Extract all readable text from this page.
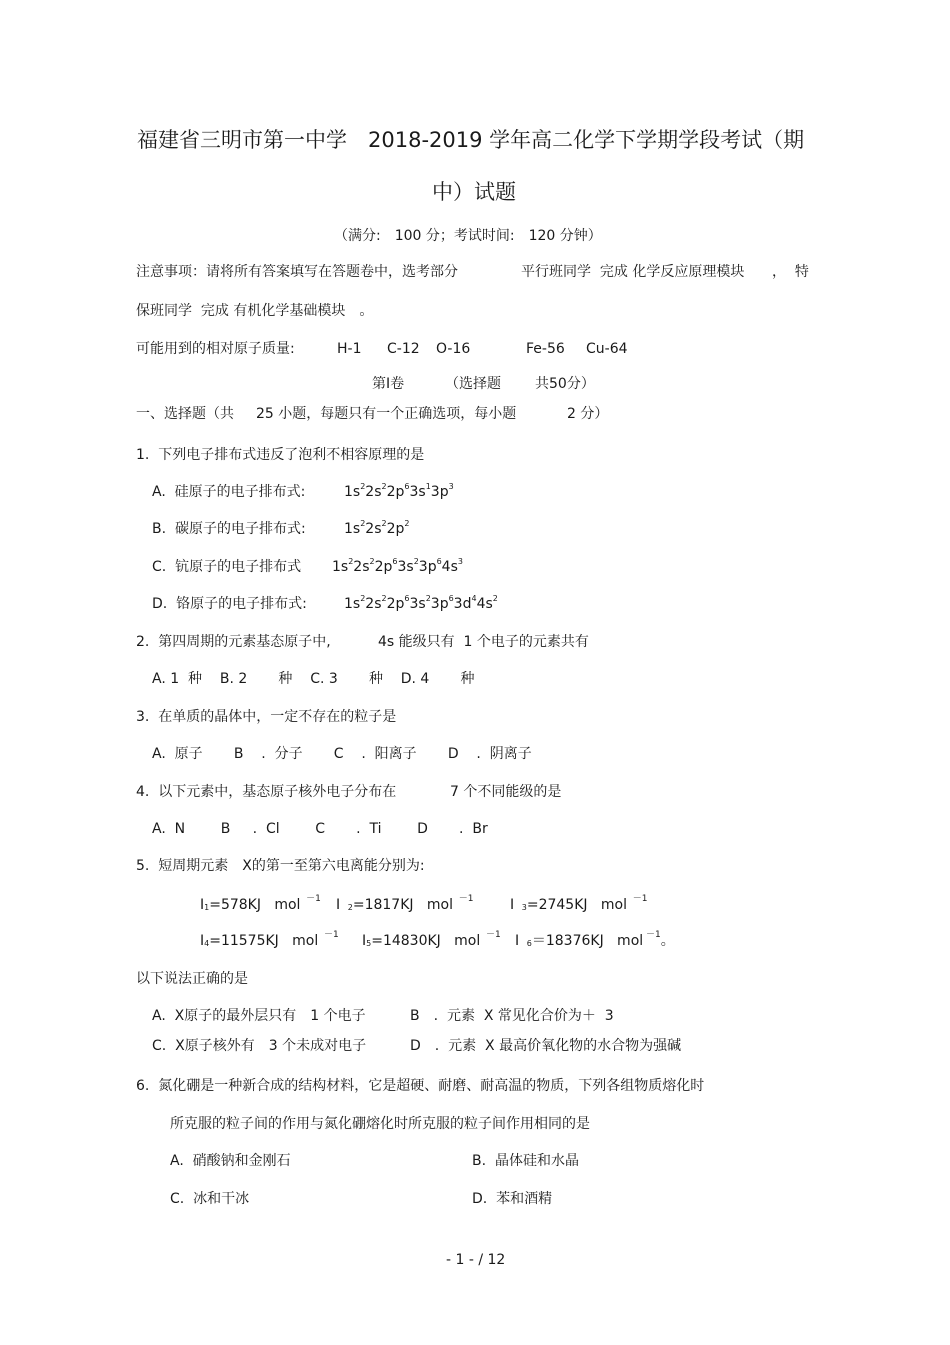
福建省三明市第一中学　2018-2019 学年高二化学下学期学段考试（期
中）试题
（满分:　100 分；考试时间:　120 分钟）
注意事项：请将所有答案填写在答题卷中，选考部分	平行班同学  完成 化学反应原理模块 ，  特
保班同学  完成 有机化学基础模块　。
可能用到的相对原子质量:	H-1 C-12 O-16	Fe-56 Cu-64
第Ⅰ卷	（选择题 共50分）
一、选择题（共 25 小题，每题只有一个正确选项，每小题	2 分）
1.  下列电子排布式违反了泡利不相容原理的是
A.  硅原子的电子排布式:	$1s^22s^22p^63s^13p^3$
B.  碳原子的电子排布式:	$1s^22s^22p^2$
C.  钪原子的电子排布式 $1s^22s^22p^63s^23p^64s^3$
D.  铬原子的电子排布式:	$1s^22s^22p^63s^23p^63d^44s^2$
2.  第四周期的元素基态原子中,	4s 能级只有  1 个电子的元素共有
A. 1  种    B. 2       种    C. 3       种    D. 4       种
3.  在单质的晶体中，一定不存在的粒子是
A.  原子       B    .  分子       C    .  阳离子       D    .  阴离子
4.  以下元素中，基态原子核外电子分布在	7 个不同能级的是
A.  N        B     .  Cl        C       .  Ti        D       .  Br
5.  短周期元素　X的第一至第六电离能分别为:
$I_1=578KJ$   mol  $^{-1}$ I   $_2$=1817KJ   mol  $^{-1}$	I   $_3$=2745KJ   mol  $^{-1}$
$I_4=11575KJ$   mol  $^{-1}$ $I_5=14830KJ$   mol  $^{-1}$ I   $_6$＝18376KJ   mol $^{-1}$。
以下说法正确的是
A.  X原子的最外层只有　1 个电子	B　.  元素  X 常见化合价为＋  3
C.  X原子核外有　3 个未成对电子	D　.  元素  X 最高价氧化物的水合物为强碱
6.  氮化硼是一种新合成的结构材料，它是超硬、耐磨、耐高温的物质，下列各组物质熔化时
所克服的粒子间的作用与氮化硼熔化时所克服的粒子间作用相同的是
A.  硝酸钠和金刚石	B.  晶体硅和水晶
C.  冰和干冰	D.  苯和酒精
- 1 - / 12
